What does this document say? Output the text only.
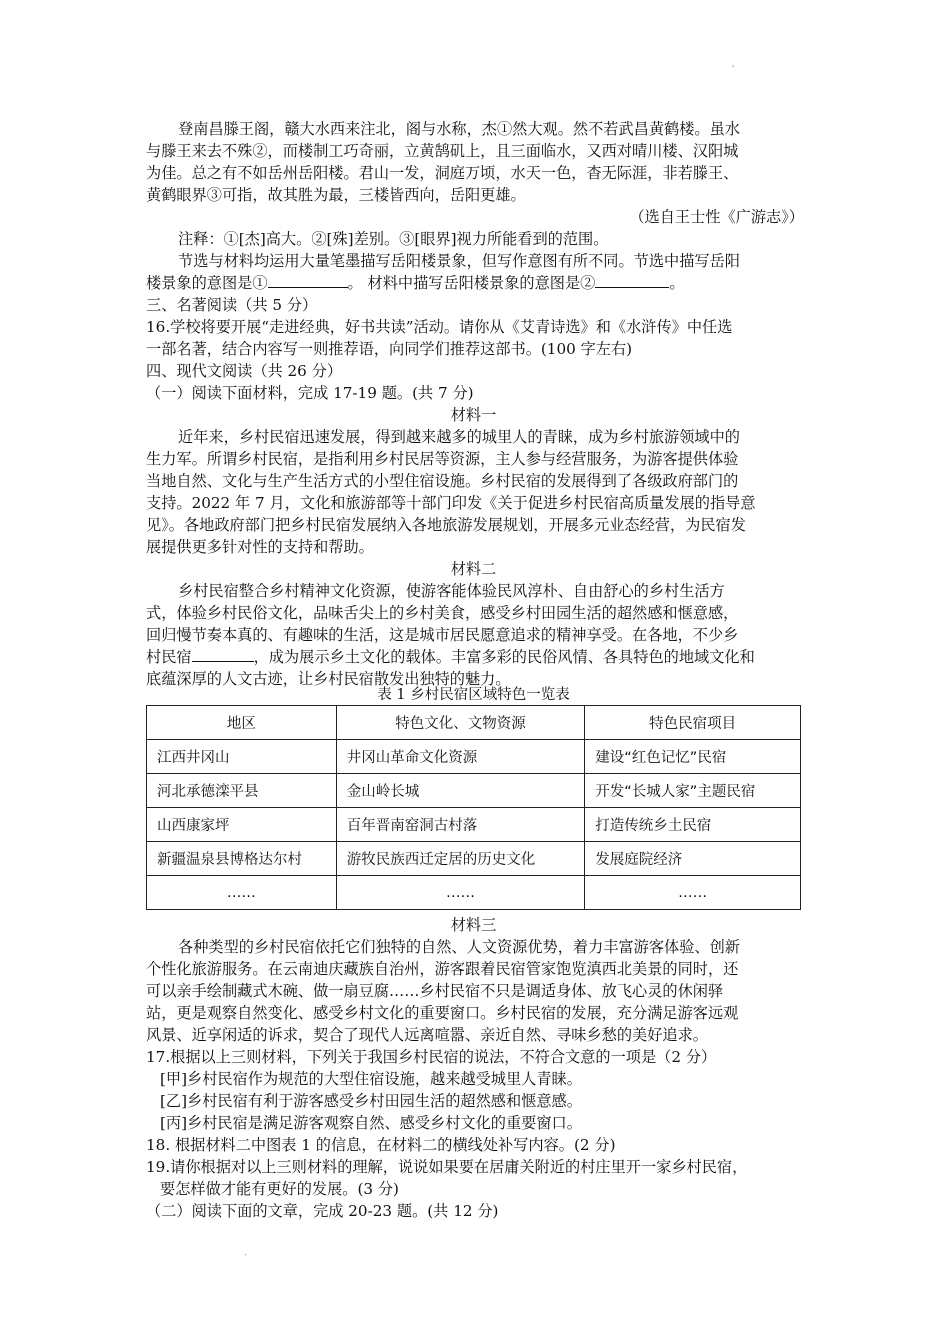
登南昌滕王阁，赣大水西来注北，阁与水称，杰①然大观。然不若武昌黄鹤楼。虽水
与滕王来去不殊②，而楼制工巧奇丽，立黄鹄矶上，且三面临水，又西对晴川楼、汉阳城
为佳。总之有不如岳州岳阳楼。君山一发，洞庭万顷，水天一色，杳无际涯，非若滕王、
黄鹤眼界③可指，故其胜为最，三楼皆西向，岳阳更雄。
（选自王士性《广游志》）
注释：①[杰]高大。②[殊]差别。③[眼界]视力所能看到的范围。
节选与材料均运用大量笔墨描写岳阳楼景象，但写作意图有所不同。节选中描写岳阳
楼景象的意图是①	。 材料中描写岳阳楼景象的意图是②	。
三、名著阅读（共 5 分）
16.学校将要开展“走进经典，好书共读”活动。请你从《艾青诗选》和《水浒传》中任选
一部名著，结合内容写一则推荐语，向同学们推荐这部书。(100 字左右)
四、现代文阅读（共 26 分）
（一）阅读下面材料，完成 17-19 题。(共 7 分)
材料一
近年来，乡村民宿迅速发展，得到越来越多的城里人的青睐，成为乡村旅游领域中的
生力军。所谓乡村民宿，是指利用乡村民居等资源，主人参与经营服务，为游客提供体验
当地自然、文化与生产生活方式的小型住宿设施。乡村民宿的发展得到了各级政府部门的
支持。2022 年 7 月，文化和旅游部等十部门印发《关于促进乡村民宿高质量发展的指导意
见》。各地政府部门把乡村民宿发展纳入各地旅游发展规划，开展多元业态经营，为民宿发
展提供更多针对性的支持和帮助。
材料二
乡村民宿整合乡村精神文化资源，使游客能体验民风淳朴、自由舒心的乡村生活方
式，体验乡村民俗文化，品味舌尖上的乡村美食，感受乡村田园生活的超然感和惬意感，
回归慢节奏本真的、有趣味的生活，这是城市居民愿意追求的精神享受。在各地，不少乡
村民宿	，成为展示乡土文化的载体。丰富多彩的民俗风情、各具特色的地域文化和
底蕴深厚的人文古迹，让乡村民宿散发出独特的魅力。
表 1 乡村民宿区域特色一览表
地区	特色文化、文物资源	特色民宿项目
江西井冈山	井冈山革命文化资源	建设“红色记忆”民宿
河北承德滦平县	金山岭长城	开发“长城人家”主题民宿
山西康家坪	百年晋南窑洞古村落	打造传统乡土民宿
新疆温泉县博格达尔村	游牧民族西迁定居的历史文化	发展庭院经济
……	……	……
材料三
各种类型的乡村民宿依托它们独特的自然、人文资源优势，着力丰富游客体验、创新
个性化旅游服务。在云南迪庆藏族自治州，游客跟着民宿管家饱览滇西北美景的同时，还
可以亲手绘制藏式木碗、做一扇豆腐……乡村民宿不只是调适身体、放飞心灵的休闲驿
站，更是观察自然变化、感受乡村文化的重要窗口。乡村民宿的发展，充分满足游客远观
风景、近享闲适的诉求，契合了现代人远离喧嚣、亲近自然、寻味乡愁的美好追求。
17.根据以上三则材料，下列关于我国乡村民宿的说法，不符合文意的一项是（2 分）
[甲]乡村民宿作为规范的大型住宿设施，越来越受城里人青睐。
[乙]乡村民宿有利于游客感受乡村田园生活的超然感和惬意感。
[丙]乡村民宿是满足游客观察自然、感受乡村文化的重要窗口。
18. 根据材料二中图表 1 的信息，在材料二的横线处补写内容。(2 分)
19.请你根据对以上三则材料的理解，说说如果要在居庸关附近的村庄里开一家乡村民宿，
要怎样做才能有更好的发展。(3 分)
（二）阅读下面的文章，完成 20-23 题。(共 12 分)
'
.
